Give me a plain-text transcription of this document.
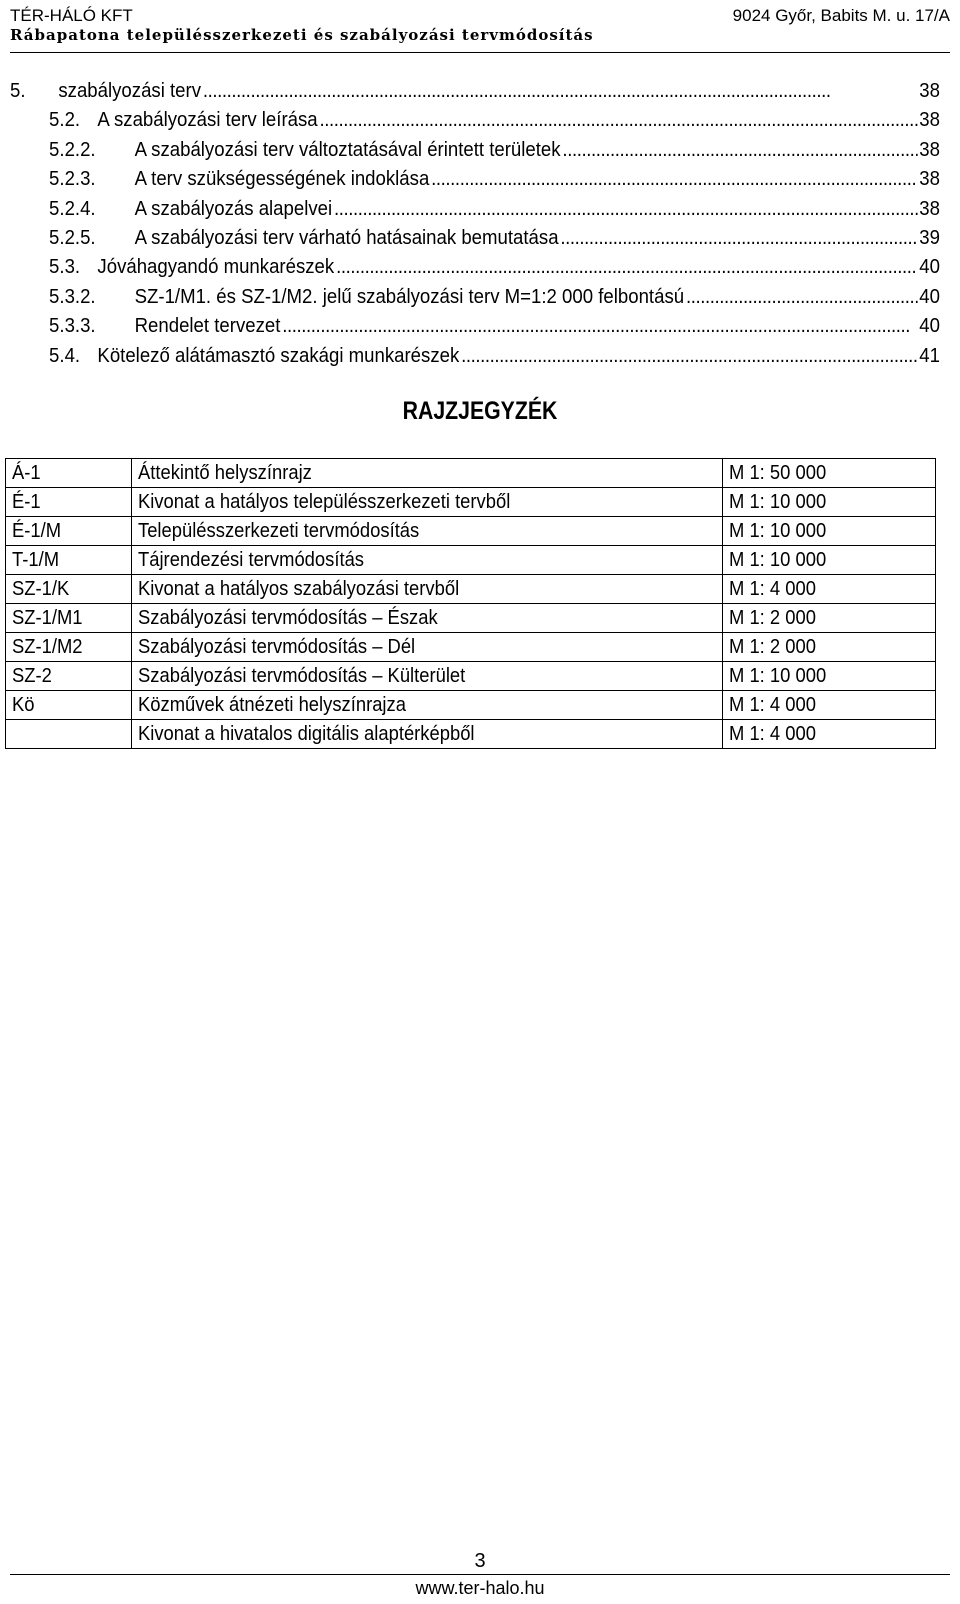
TÉR-HÁLÓ KFT	9024 Győr, Babits M. u. 17/A
Rábapatona településszerkezeti és szabályozási tervmódosítás
5.	szabályozási terv . . .	38
5.2. A szabályozási terv leírása . . .	38
5.2.2.	A szabályozási terv változtatásával érintett területek . . .	38
5.2.3.	A terv szükségességének indoklása . . .	38
5.2.4.	A szabályozás alapelvei . . .	38
5.2.5.	A szabályozási terv várható hatásainak bemutatása . . .	39
5.3. Jóváhagyandó munkarészek . . .	40
5.3.2.	SZ-1/M1. és SZ-1/M2. jelű szabályozási terv M=1:2 000 felbontású . . .	40
5.3.3.	Rendelet tervezet . . .	40
5.4. Kötelező alátámasztó szakági munkarészek . . .	41
RAJZJEGYZÉK
Á-1	Áttekintő helyszínrajz	M 1: 50 000
É-1	Kivonat a hatályos településszerkezeti tervből	M 1: 10 000
É-1/M	Településszerkezeti tervmódosítás	M 1: 10 000
T-1/M	Tájrendezési tervmódosítás	M 1: 10 000
SZ-1/K	Kivonat a hatályos szabályozási tervből	M 1: 4 000
SZ-1/M1	Szabályozási tervmódosítás – Észak	M 1: 2 000
SZ-1/M2	Szabályozási tervmódosítás – Dél	M 1: 2 000
SZ-2	Szabályozási tervmódosítás – Külterület	M 1: 10 000
Kö	Közművek átnézeti helyszínrajza	M 1: 4 000
	Kivonat a hivatalos digitális alaptérképből	M 1: 4 000
3
www.ter-halo.hu
